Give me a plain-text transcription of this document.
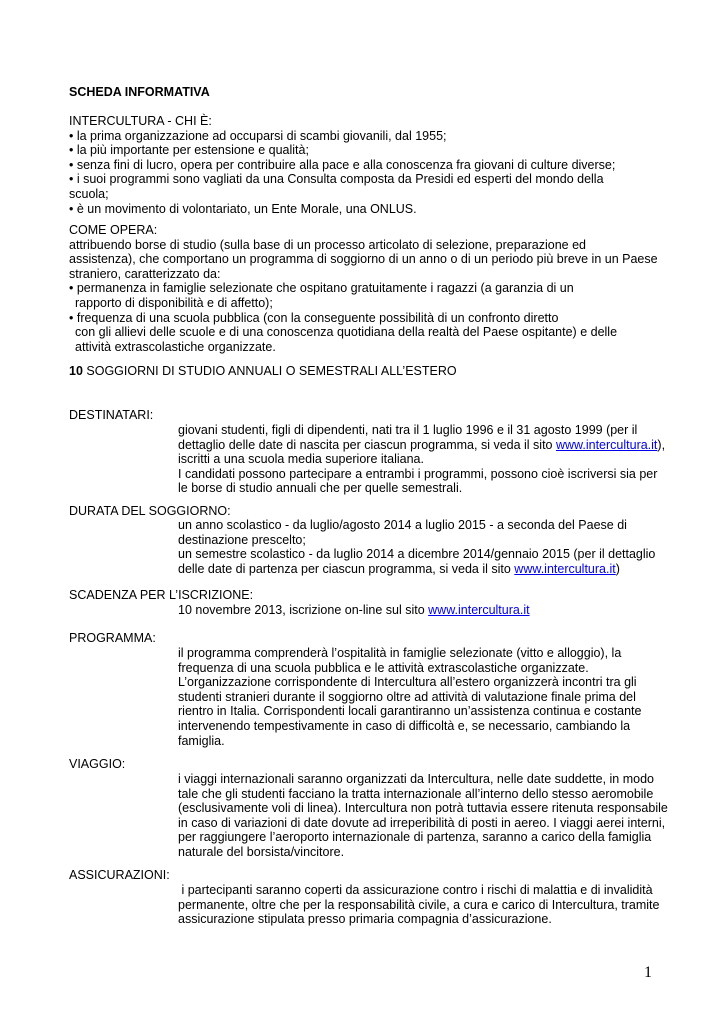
SCHEDA INFORMATIVA
INTERCULTURA - CHI È:
• la prima organizzazione ad occuparsi di scambi giovanili, dal 1955;
• la più importante per estensione e qualità;
• senza fini di lucro, opera per contribuire alla pace e alla conoscenza fra giovani di culture diverse;
• i suoi programmi sono vagliati da una Consulta composta da Presidi ed esperti del mondo della
scuola;
• è un movimento di volontariato, un Ente Morale, una ONLUS.
COME OPERA:
attribuendo borse di studio (sulla base di un processo articolato di selezione, preparazione ed
assistenza), che comportano un programma di soggiorno di un anno o di un periodo più breve in un Paese
straniero, caratterizzato da:
• permanenza in famiglie selezionate che ospitano gratuitamente i ragazzi (a garanzia di un
rapporto di disponibilità e di affetto);
• frequenza di una scuola pubblica (con la conseguente possibilità di un confronto diretto
con gli allievi delle scuole e di una conoscenza quotidiana della realtà del Paese ospitante) e delle
attività extrascolastiche organizzate.
10 SOGGIORNI DI STUDIO ANNUALI O SEMESTRALI ALL’ESTERO
DESTINATARI:
giovani studenti, figli di dipendenti, nati tra il 1 luglio 1996 e il 31 agosto 1999 (per il
dettaglio delle date di nascita per ciascun programma, si veda il sito www.intercultura.it),
iscritti a una scuola media superiore italiana.
I candidati possono partecipare a entrambi i programmi, possono cioè iscriversi sia per
le borse di studio annuali che per quelle semestrali.
DURATA DEL SOGGIORNO:
un anno scolastico - da luglio/agosto 2014 a luglio 2015 - a seconda del Paese di
destinazione prescelto;
un semestre scolastico - da luglio 2014 a dicembre 2014/gennaio 2015 (per il dettaglio
delle date di partenza per ciascun programma, si veda il sito www.intercultura.it)
SCADENZA PER L’ISCRIZIONE:
10 novembre 2013, iscrizione on-line sul sito www.intercultura.it
PROGRAMMA:
il programma comprenderà l’ospitalità in famiglie selezionate (vitto e alloggio), la
frequenza di una scuola pubblica e le attività extrascolastiche organizzate.
L’organizzazione corrispondente di Intercultura all’estero organizzerà incontri tra gli
studenti stranieri durante il soggiorno oltre ad attività di valutazione finale prima del
rientro in Italia. Corrispondenti locali garantiranno un’assistenza continua e costante
intervenendo tempestivamente in caso di difficoltà e, se necessario, cambiando la
famiglia.
VIAGGIO:
i viaggi internazionali saranno organizzati da Intercultura, nelle date suddette, in modo
tale che gli studenti facciano la tratta internazionale all’interno dello stesso aeromobile
(esclusivamente voli di linea). Intercultura non potrà tuttavia essere ritenuta responsabile
in caso di variazioni di date dovute ad irreperibilità di posti in aereo. I viaggi aerei interni,
per raggiungere l’aeroporto internazionale di partenza, saranno a carico della famiglia
naturale del borsista/vincitore.
ASSICURAZIONI:
i partecipanti saranno coperti da assicurazione contro i rischi di malattia e di invalidità
permanente, oltre che per la responsabilità civile, a cura e carico di Intercultura, tramite
assicurazione stipulata presso primaria compagnia d’assicurazione.
1
